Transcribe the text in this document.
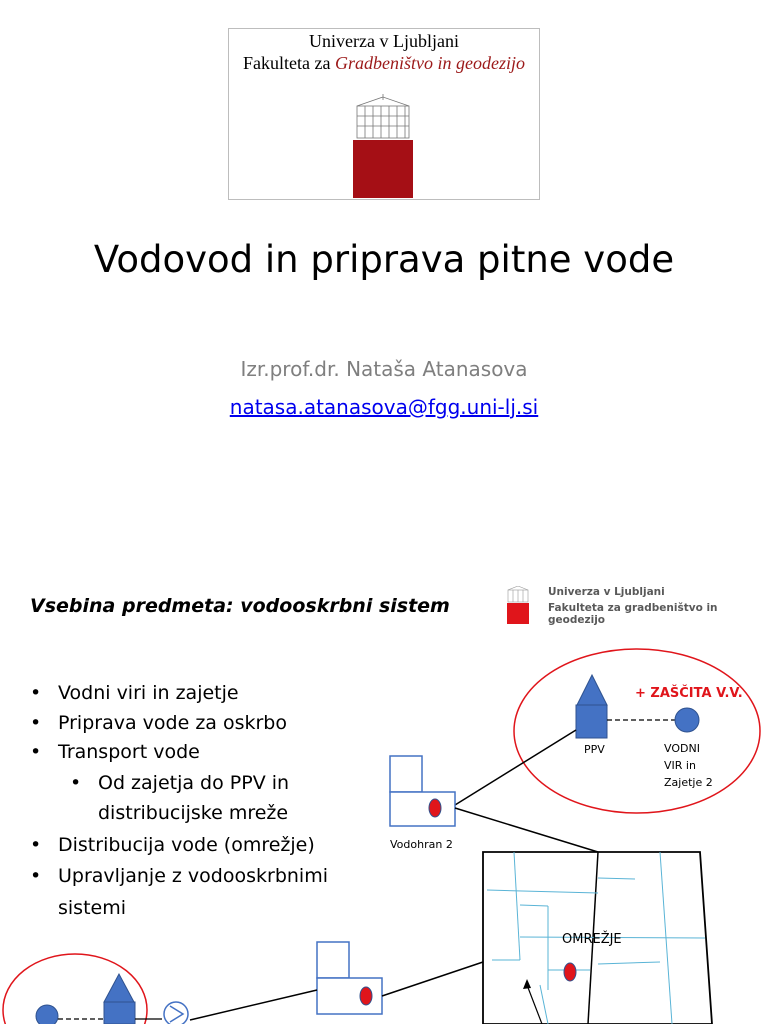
Univerza v Ljubljani
Fakulteta za Gradbeništvo in geodezijo
Vodovod in priprava pitne vode
Izr.prof.dr. Nataša Atanasova
natasa.atanasova@fgg.uni-lj.si
Vsebina predmeta: vodooskrbni sistem
Univerza v Ljubljani
Fakulteta za gradbeništvo in geodezijo
• Vodni viri in zajetje
• Priprava vode za oskrbo
• Transport vode
• Od zajetja do PPV in
distribucijske mreže
• Distribucija vode (omrežje)
• Upravljanje z vodooskrbnimi
sistemi
+ ZAŠČITA V.V.
PPV	VODNI
VIR in
Zajetje 2
Vodohran 2
OMREŽJE
